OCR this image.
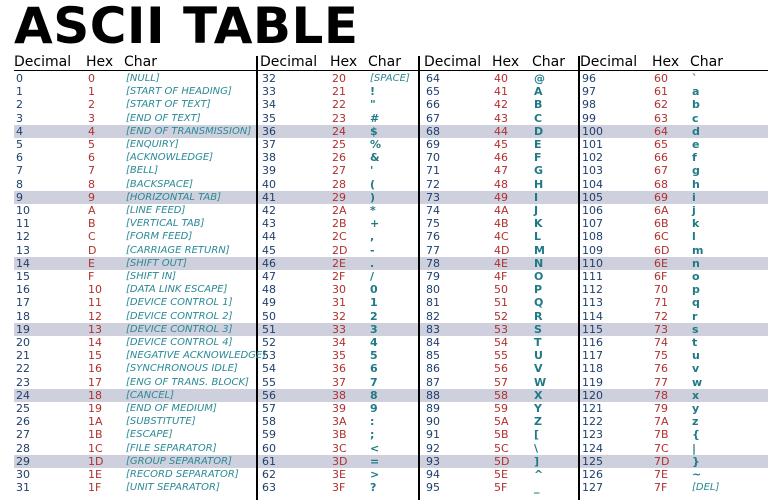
ASCII TABLE
Decimal Hex Char
0	0	[NULL]
1	1	[START OF HEADING]
2	2	[START OF TEXT]
3	3	[END OF TEXT]
4	4	[END OF TRANSMISSION]
5	5	[ENQUIRY]
6	6	[ACKNOWLEDGE]
7	7	[BELL]
8	8	[BACKSPACE]
9	9	[HORIZONTAL TAB]
10	A	[LINE FEED]
11	B	[VERTICAL TAB]
12	C	[FORM FEED]
13	D	[CARRIAGE RETURN]
14	E	[SHIFT OUT]
15	F	[SHIFT IN]
16	10 [DATA LINK ESCAPE]
17	11 [DEVICE CONTROL 1]
18	12 [DEVICE CONTROL 2]
19	13 [DEVICE CONTROL 3]
20	14 [DEVICE CONTROL 4]
21	15 [NEGATIVE ACKNOWLEDGE]
22	16 [SYNCHRONOUS IDLE]
23	17 [ENG OF TRANS. BLOCK]
24	18 [CANCEL]
25	19 [END OF MEDIUM]
26	1A [SUBSTITUTE]
27	1B [ESCAPE]
28	1C [FILE SEPARATOR]
29	1D [GROUP SEPARATOR]
30	1E [RECORD SEPARATOR]
31	1F [UNIT SEPARATOR]
Decimal Hex Char
32	20 [SPACE]
33	21 !
34	22 "
35	23 #
36	24 $
37	25 %
38	26 &
39	27 '
40	28 (
41	29 )
42	2A *
43	2B +
44	2C ,
45	2D -
46	2E .
47	2F /
48	30 0
49	31 1
50	32 2
51	33 3
52	34 4
53	35 5
54	36 6
55	37 7
56	38 8
57	39 9
58	3A :
59	3B ;
60	3C <
61	3D =
62	3E >
63	3F ?
Decimal Hex Char
64	40 @
65	41 A
66	42 B
67	43 C
68	44 D
69	45 E
70	46 F
71	47 G
72	48 H
73	49 I
74	4A J
75	4B K
76	4C L
77	4D M
78	4E N
79	4F O
80	50 P
81	51 Q
82	52 R
83	53 S
84	54 T
85	55 U
86	56 V
87	57 W
88	58 X
89	59 Y
90	5A Z
91	5B [
92	5C \
93	5D ]
94	5E ^
95	5F _
Decimal Hex Char
96	60 `
97	61 a
98	62 b
99	63 c
100	64 d
101	65 e
102	66 f
103	67 g
104	68 h
105	69 i
106	6A j
107	6B k
108	6C l
109	6D m
110	6E n
111	6F o
112	70 p
113	71 q
114	72 r
115	73 s
116	74 t
117	75 u
118	76 v
119	77 w
120	78 x
121	79 y
122	7A z
123	7B {
124	7C |
125	7D }
126	7E ~
127	7F [DEL]
